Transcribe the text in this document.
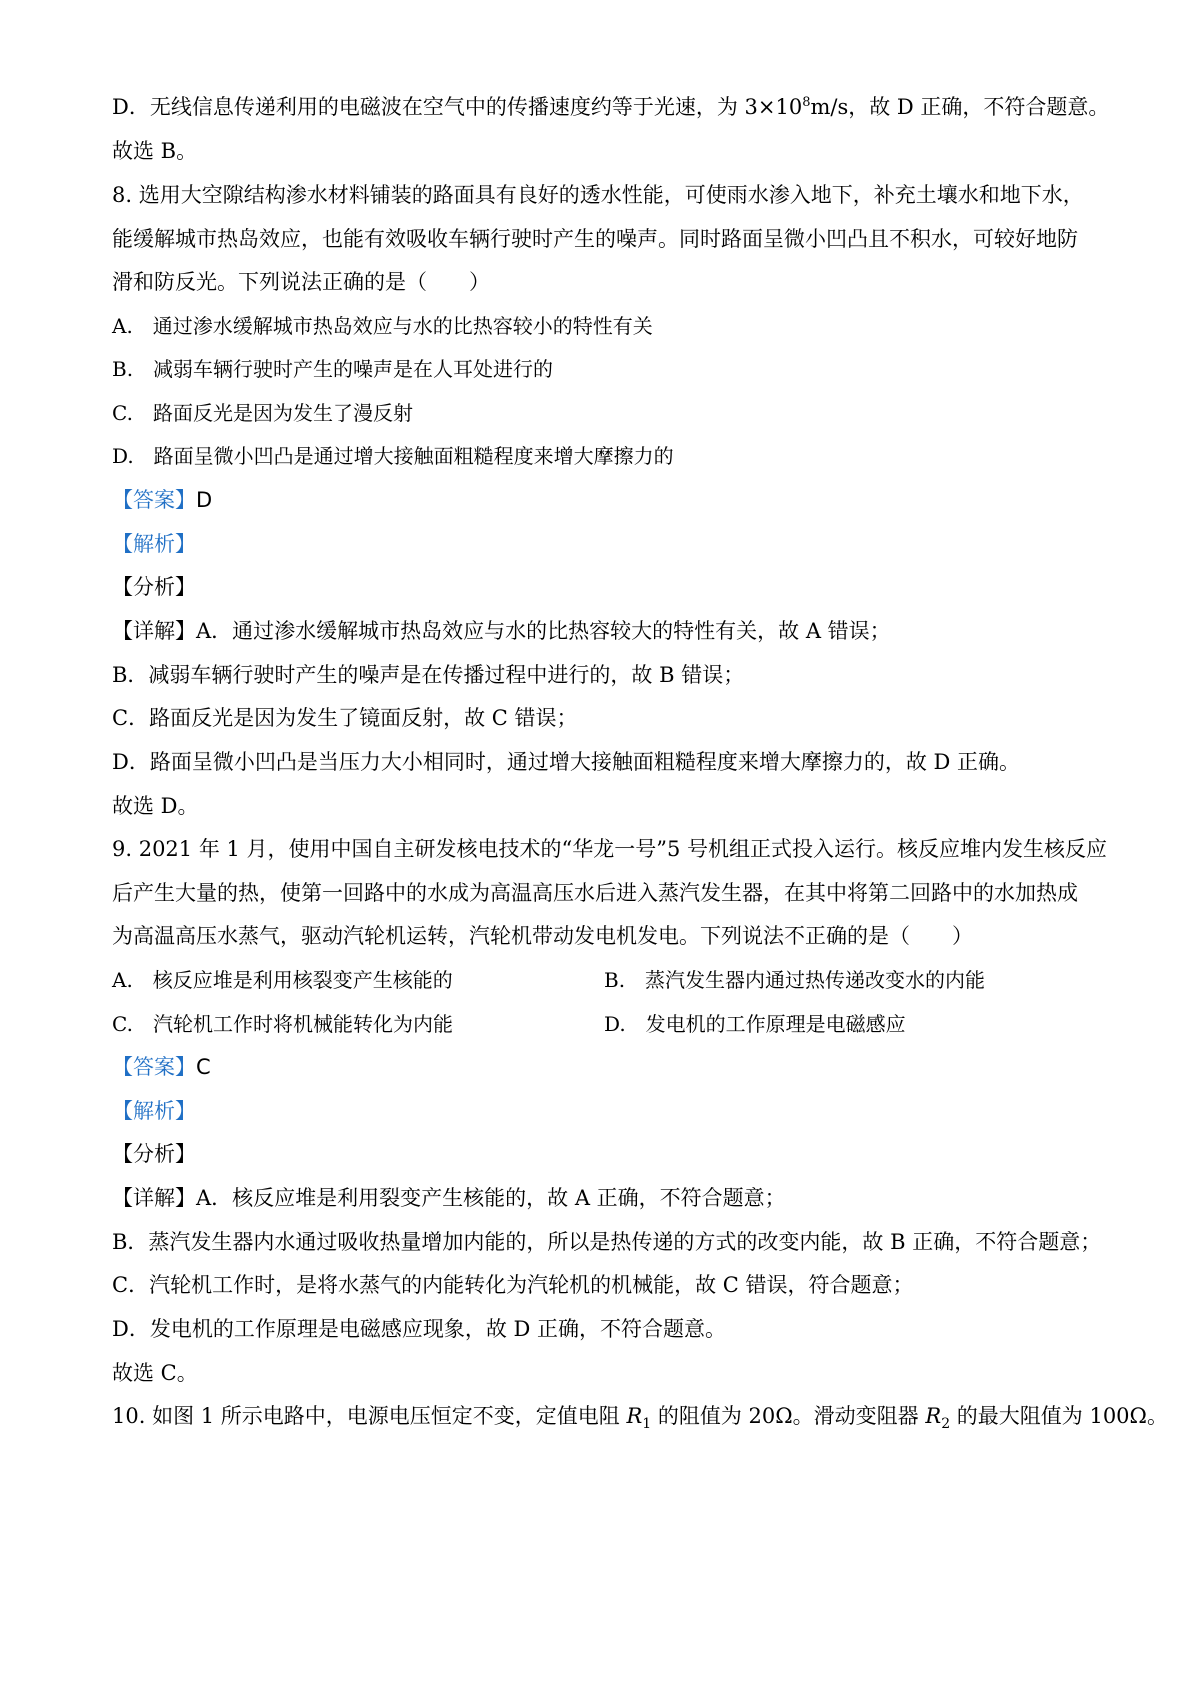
D．无线信息传递利用的电磁波在空气中的传播速度约等于光速，为 $3\times 10^8m/s$，故 D 正确，不符合题意。
故选 B。
8. 选用大空隙结构渗水材料铺装的路面具有良好的透水性能，可使雨水渗入地下，补充土壤水和地下水，
能缓解城市热岛效应，也能有效吸收车辆行驶时产生的噪声。同时路面呈微小凹凸且不积水，可较好地防
滑和防反光。下列说法正确的是（　　）
A.　通过渗水缓解城市热岛效应与水的比热容较小的特性有关
B.　减弱车辆行驶时产生的噪声是在人耳处进行的
C.　路面反光是因为发生了漫反射
D.　路面呈微小凹凸是通过增大接触面粗糙程度来增大摩擦力的
【答案】D
【解析】
【分析】
【详解】A．通过渗水缓解城市热岛效应与水的比热容较大的特性有关，故 A 错误；
B．减弱车辆行驶时产生的噪声是在传播过程中进行的，故 B 错误；
C．路面反光是因为发生了镜面反射，故 C 错误；
D．路面呈微小凹凸是当压力大小相同时，通过增大接触面粗糙程度来增大摩擦力的，故 D 正确。
故选 D。
9. 2021 年 1 月，使用中国自主研发核电技术的“华龙一号”5 号机组正式投入运行。核反应堆内发生核反应
后产生大量的热，使第一回路中的水成为高温高压水后进入蒸汽发生器，在其中将第二回路中的水加热成
为高温高压水蒸气，驱动汽轮机运转，汽轮机带动发电机发电。下列说法不正确的是（　　）
A.　核反应堆是利用核裂变产生核能的	B.　蒸汽发生器内通过热传递改变水的内能
C.　汽轮机工作时将机械能转化为内能	D.　发电机的工作原理是电磁感应
【答案】C
【解析】
【分析】
【详解】A．核反应堆是利用裂变产生核能的，故 A 正确，不符合题意；
B．蒸汽发生器内水通过吸收热量增加内能的，所以是热传递的方式的改变内能，故 B 正确，不符合题意；
C．汽轮机工作时，是将水蒸气的内能转化为汽轮机的机械能，故 C 错误，符合题意；
D．发电机的工作原理是电磁感应现象，故 D 正确，不符合题意。
故选 C。
10. 如图 1 所示电路中，电源电压恒定不变，定值电阻 $R_1$ 的阻值为 20Ω。滑动变阻器 $R_2$ 的最大阻值为 100Ω。
